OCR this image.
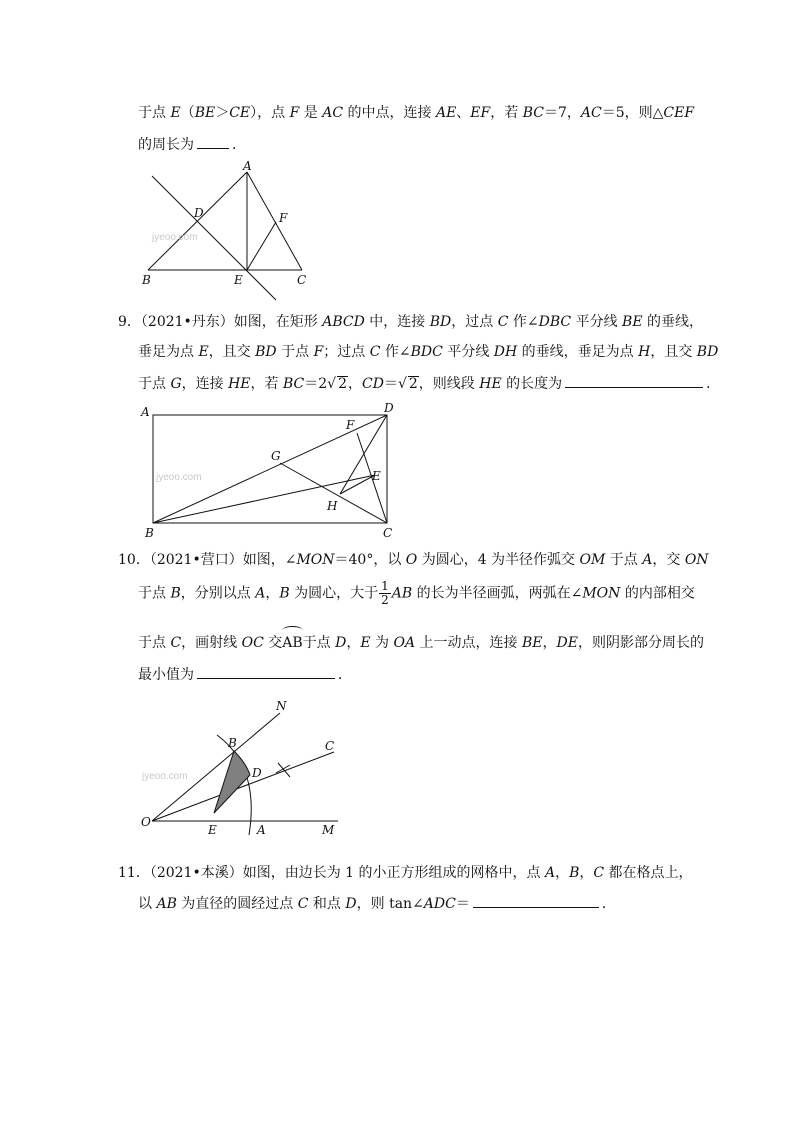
于点 E（BE＞CE），点 F 是 AC 的中点，连接 AE、EF，若 BC＝7，AC＝5，则△CEF
的周长为	．
A
D	F
B	E	C
jyeoo.com
9．（2021•丹东）如图，在矩形 ABCD 中，连接 BD，过点 C 作∠DBC 平分线 BE 的垂线，
垂足为点 E，且交 BD 于点 F；过点 C 作∠BDC 平分线 DH 的垂线，垂足为点 H，且交 BD
于点 G，连接 HE，若 BC＝2√ 2，CD＝√ 2，则线段 HE 的长度为	．
A	D
F
G
E
H
B	C
jyeoo.com
10．（2021•营口）如图，∠MON＝40°，以 O 为圆心，4 为半径作弧交 OM 于点 A，交 ON
于点 B，分别以点 A，B 为圆心，大于 $\frac{1}{2}$ AB 的长为半径画弧，两弧在∠MON 的内部相交
于点 C，画射线 OC 交AB于点 D，E 为 OA 上一动点，连接 BE，DE，则阴影部分周长的
最小值为	．
N
B	C
D
O
E	A	M
jyeoo.com
11．（2021•本溪）如图，由边长为 1 的小正方形组成的网格中，点 A，B，C 都在格点上，
以 AB 为直径的圆经过点 C 和点 D，则 tan∠ADC＝	．
